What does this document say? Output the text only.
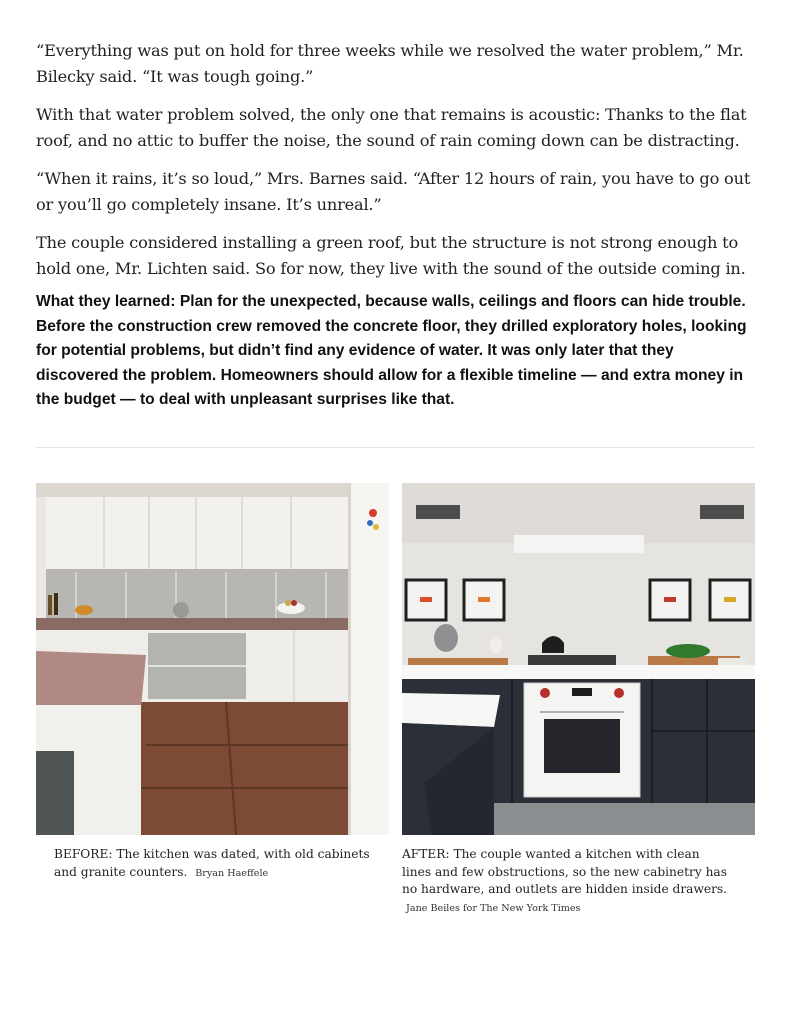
“Everything was put on hold for three weeks while we resolved the water problem,” Mr. Bilecky said. “It was tough going.”

With that water problem solved, the only one that remains is acoustic: Thanks to the flat roof, and no attic to buffer the noise, the sound of rain coming down can be distracting.

“When it rains, it’s so loud,” Mrs. Barnes said. “After 12 hours of rain, you have to go out or you’ll go completely insane. It’s unreal.”

The couple considered installing a green roof, but the structure is not strong enough to hold one, Mr. Lichten said. So for now, they live with the sound of the outside coming in.

What they learned: Plan for the unexpected, because walls, ceilings and floors can hide trouble. Before the construction crew removed the concrete floor, they drilled exploratory holes, looking for potential problems, but didn’t find any evidence of water. It was only later that they discovered the problem. Homeowners should allow for a flexible timeline — and extra money in the budget — to deal with unpleasant surprises like that.

BEFORE: The kitchen was dated, with old cabinets and granite counters. Bryan Haeffele
AFTER: The couple wanted a kitchen with clean lines and few obstructions, so the new cabinetry has no hardware, and outlets are hidden inside drawers. Jane Beiles for The New York Times
